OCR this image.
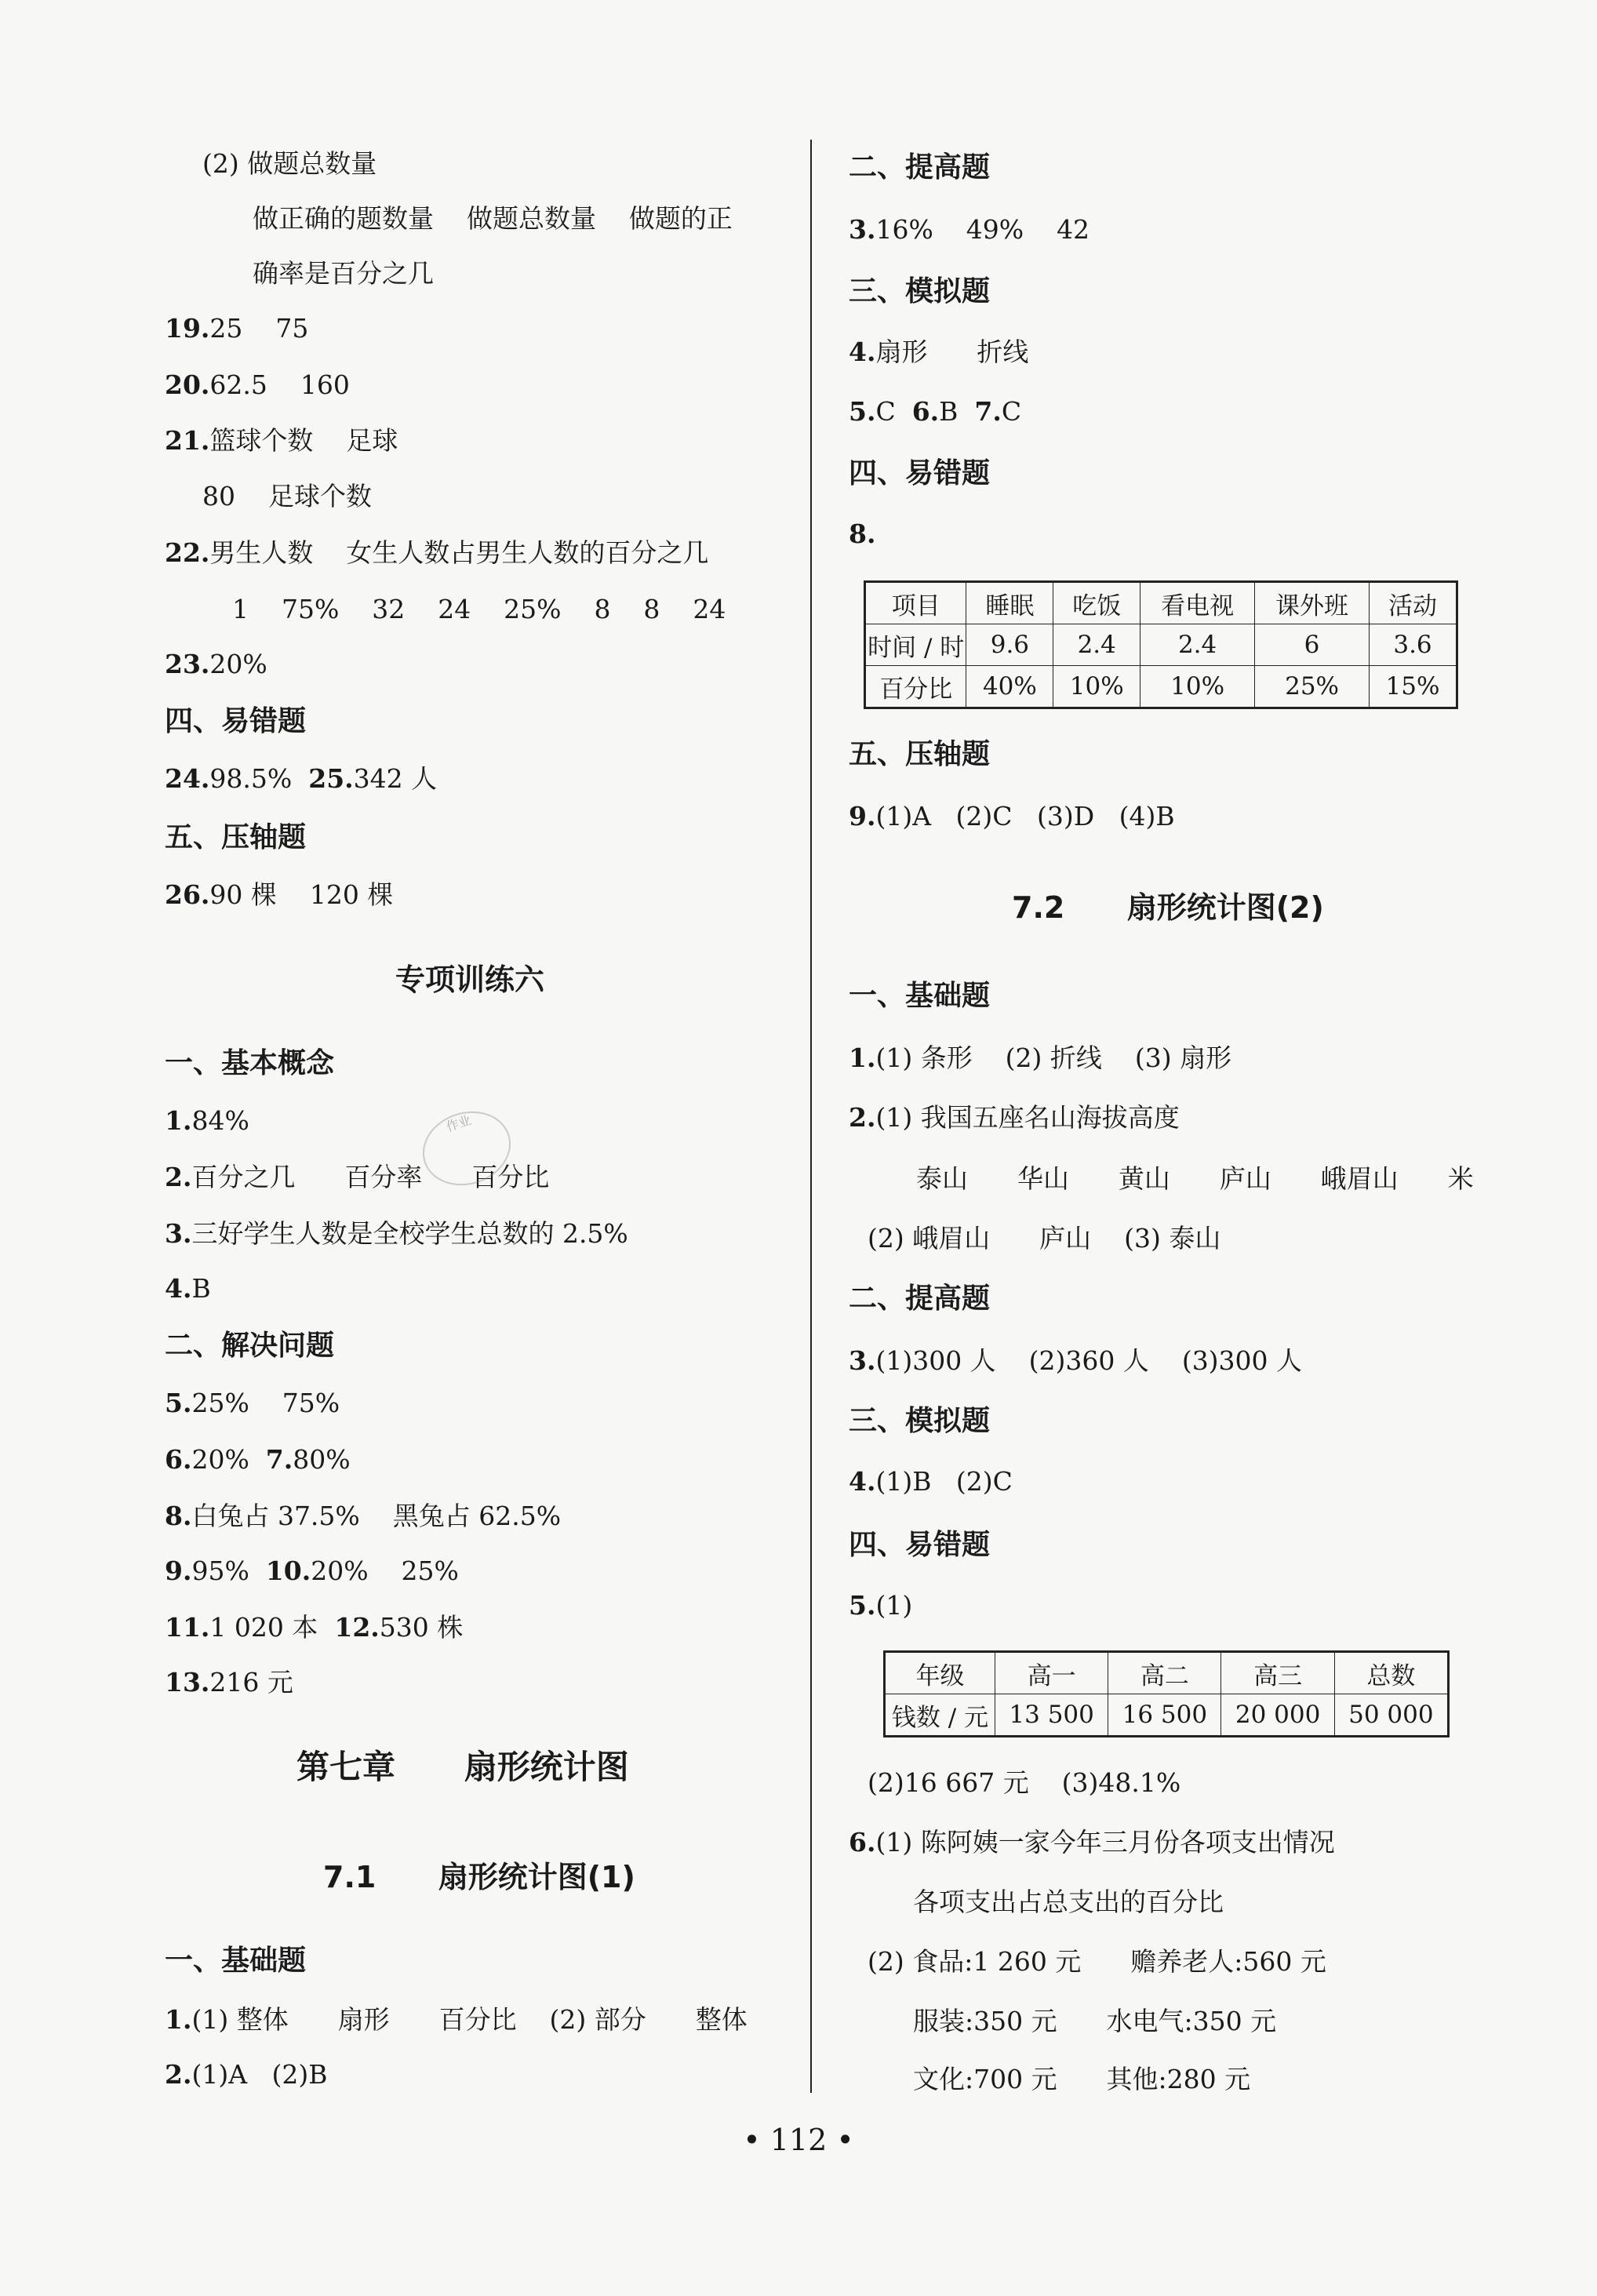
(2) 做题总数量
做正确的题数量    做题总数量    做题的正
确率是百分之几
19.25    75
20.62.5    160
21.篮球个数    足球
80    足球个数
22.男生人数    女生人数占男生人数的百分之几
1    75%    32    24    25%    8    8    24
23.20%
四、易错题
24.98.5%  25.342 人
五、压轴题
26.90 棵    120 棵
专项训练六
一、基本概念
1.84%
2.百分之几      百分率      百分比
作业
3.三好学生人数是全校学生总数的 2.5%
4.B
二、解决问题
5.25%    75%
6.20%  7.80%
8.白兔占 37.5%    黑兔占 62.5%
9.95%  10.20%    25%
11.1 020 本  12.530 株
13.216 元
第七章      扇形统计图
7.1      扇形统计图(1)
一、基础题
1.(1) 整体      扇形      百分比    (2) 部分      整体
2.(1)A   (2)B
二、提高题
3.16%    49%    42
三、模拟题
4.扇形      折线
5.C  6.B  7.C
四、易错题
8.
项目	睡眠	吃饭	看电视	课外班	活动
时间 / 时	9.6	2.4	2.4	6	3.6
百分比	40%	10%	10%	25%	15%
五、压轴题
9.(1)A   (2)C   (3)D   (4)B
7.2      扇形统计图(2)
一、基础题
1.(1) 条形    (2) 折线    (3) 扇形
2.(1) 我国五座名山海拔高度
泰山      华山      黄山      庐山      峨眉山      米
(2) 峨眉山      庐山    (3) 泰山
二、提高题
3.(1)300 人    (2)360 人    (3)300 人
三、模拟题
4.(1)B   (2)C
四、易错题
5.(1)
年级	高一	高二	高三	总数
钱数 / 元	13 500	16 500	20 000	50 000
(2)16 667 元    (3)48.1%
6.(1) 陈阿姨一家今年三月份各项支出情况
各项支出占总支出的百分比
(2) 食品:1 260 元      赡养老人:560 元
服装:350 元      水电气:350 元
文化:700 元      其他:280 元
• 112 •
